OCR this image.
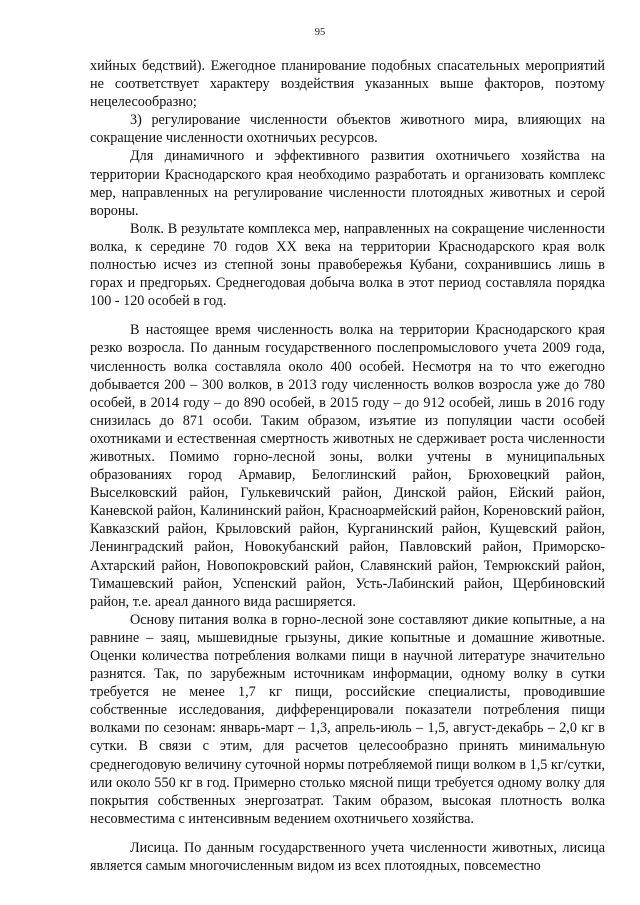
95

хийных бедствий). Ежегодное планирование подобных спасательных мероприятий не соответствует характеру воздействия указанных выше факторов, поэтому нецелесообразно;

3) регулирование численности объектов животного мира, влияющих на сокращение численности охотничьих ресурсов.

Для динамичного и эффективного развития охотничьего хозяйства на территории Краснодарского края необходимо разработать и организовать комплекс мер, направленных на регулирование численности плотоядных животных и серой вороны.

Волк. В результате комплекса мер, направленных на сокращение численности волка, к середине 70 годов XX века на территории Краснодарского края волк полностью исчез из степной зоны правобережья Кубани, сохранившись лишь в горах и предгорьях. Среднегодовая добыча волка в этот период составляла порядка 100 - 120 особей в год.

В настоящее время численность волка на территории Краснодарского края резко возросла. По данным государственного послепромыслового учета 2009 года, численность волка составляла около 400 особей. Несмотря на то что ежегодно добывается 200 – 300 волков, в 2013 году численность волков возросла уже до 780 особей, в 2014 году – до 890 особей, в 2015 году – до 912 особей, лишь в 2016 году снизилась до 871 особи. Таким образом, изъятие из популяции части особей охотниками и естественная смертность животных не сдерживает роста численности животных. Помимо горно-лесной зоны, волки учтены в муниципальных образованиях город Армавир, Белоглинский район, Брюховецкий район, Выселковский район, Гулькевичский район, Динской район, Ейский район, Каневской район, Калининский район, Красноармейский район, Кореновский район, Кавказский район, Крыловский район, Курганинский район, Кущевский район, Ленинградский район, Новокубанский район, Павловский район, Приморско-Ахтарский район, Новопокровский район, Славянский район, Темрюкский район, Тимашевский район, Успенский район, Усть-Лабинский район, Щербиновский район, т.е. ареал данного вида расширяется.

Основу питания волка в горно-лесной зоне составляют дикие копытные, а на равнине – заяц, мышевидные грызуны, дикие копытные и домашние животные. Оценки количества потребления волками пищи в научной литературе значительно разнятся. Так, по зарубежным источникам информации, одному волку в сутки требуется не менее 1,7 кг пищи, российские специалисты, проводившие собственные исследования, дифференцировали показатели потребления пищи волками по сезонам: январь-март – 1,3, апрель-июль – 1,5, август-декабрь – 2,0 кг в сутки. В связи с этим, для расчетов целесообразно принять минимальную среднегодовую величину суточной нормы потребляемой пищи волком в 1,5 кг/сутки, или около 550 кг в год. Примерно столько мясной пищи требуется одному волку для покрытия собственных энергозатрат. Таким образом, высокая плотность волка несовместима с интенсивным ведением охотничьего хозяйства.

Лисица. По данным государственного учета численности животных, лисица является самым многочисленным видом из всех плотоядных, повсеместно
